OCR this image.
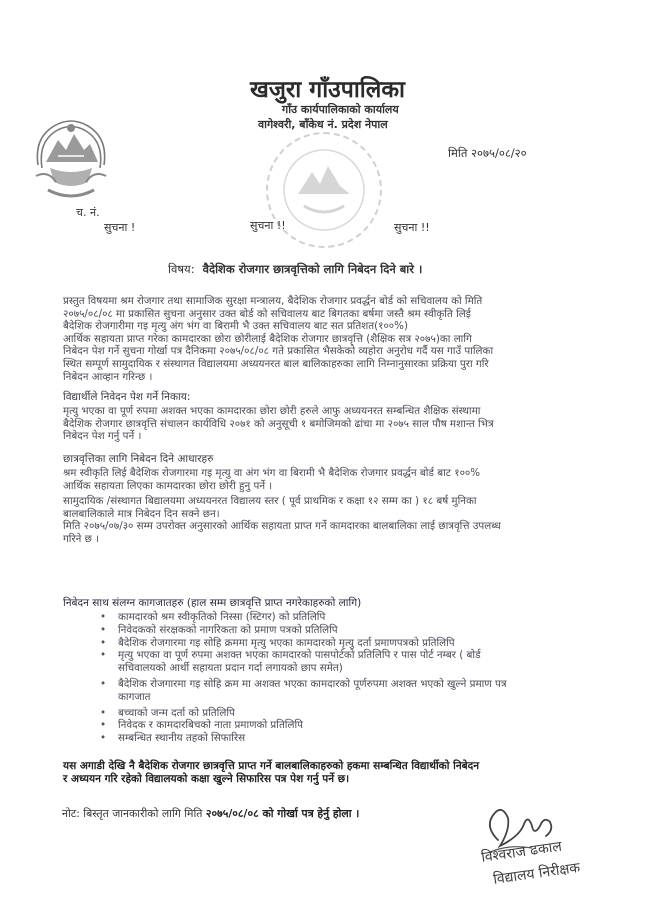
खजुरा गाँउपालिका
गाँउ कार्यपालिकाको कार्यालय
वागेश्वरी, बाँकेध नं. प्रदेश नेपाल
मिति २०७५/०८/२०
च. नं.
सुचना !	सुचना !!	सुचना !!
विषय: वैदेशिक रोजगार छात्रवृत्तिको लागि निबेदन दिने बारे ।
प्रस्तुत विषयमा श्रम रोजगार तथा सामाजिक सुरक्षा मन्त्रालय, बैदेशिक रोजगार प्रवर्द्धन बोर्ड को सचिवालय को मिति
२०७५/०८/०८ मा प्रकासित सुचना अनुसार उक्त बोर्ड को सचिवालय बाट बिगतका बर्षमा जस्तै श्रम स्वीकृति लिई
बैदेशिक रोजगारीमा गइ मृत्यु अंग भंग वा बिरामी भै उक्त सचिवालय बाट सत प्रतिशत(१००%)
आर्थिक सहायता प्राप्त गरेका कामदारका छोरा छोरीलाई बैदेशिक रोजगार छात्रवृत्ति (शैक्षिक सत्र २०७५)का लागि
निबेदन पेश गर्ने सुचना गोर्खा पत्र दैनिकमा २०७५/०८/०८ गते प्रकासित भैसकेको व्यहोरा अनुरोध गर्दै यस गाउँ पालिका
स्थित सम्पूर्ण सामुदायिक र संस्थागत विद्यालयमा अध्ययनरत बाल बालिकाहरुका लागि निम्नानुसारका प्रक्रिया पुरा गरि
निबेदन आव्हान गरिन्छ ।
विद्यार्थीले निवेदन पेश गर्ने निकाय:
मृत्यु भएका वा पूर्ण रुपमा अशक्त भएका कामदारका छोरा छोरी हरुले आफु अध्ययनरत सम्बन्धित शैक्षिक संस्थामा
बैदेशिक रोजगार छात्रवृत्ति संचालन कार्यविधि २०७१ को अनुसूची १ बमोजिमको ढांचा मा २०७५ साल पौष मशान्त भित्र
निबेदन पेश गर्नु पर्ने ।
छात्रवृत्तिका लागि निबेदन दिने आधारहरु
श्रम स्वीकृति लिई बैदेशिक रोजगारमा गइ मृत्यु वा अंग भंग वा बिरामी भै बैदेशिक रोजगार प्रवर्द्धन बोर्ड बाट १००%
आर्थिक सहायता लिएका कामदारका छोरा छोरी हुनु पर्ने ।
सामुदायिक /संस्थागत बिद्यालयमा अध्ययनरत विद्यालय स्तर ( पूर्व प्राथमिक र कक्षा १२ सम्म का ) १८ बर्ष मुनिका
बालबालिकाले मात्र निबेदन दिन सक्ने छन।
मिति २०७५/०७/३० सम्म उपरोक्त अनुसारको आर्थिक सहायता प्राप्त गर्ने कामदारका बालबालिका लाई छात्रवृत्ति उपलब्ध
गरिने छ ।
निबेदन साथ संलग्न कागजातहरु (हाल सम्म छात्रवृत्ति प्राप्त नगरेकाहरुको लागि)
• कामदारको श्रम स्वीकृतिको निस्सा (स्टिगर) को प्रतिलिपि
• निवेदकको संरक्षकको नागरिकता को प्रमाण पत्रको प्रतिलिपि
• बैदेशिक रोजगारमा गइ सोहि क्रममा मृत्यु भएका कामदारको मृत्यु दर्ता प्रमाणपत्रको प्रतिलिपि
• मृत्यु भएका वा पूर्ण रुपमा अशक्त भएका कामदारको पासपोर्टको प्रतिलिपि र पास पोर्ट नम्बर ( बोर्ड
सचिवालयको आर्थी सहायता प्रदान गर्दा लगायको छाप समेत)
• बैदेशिक रोजगारमा गइ सोहि क्रम मा अशक्त भएका कामदारको पूर्णरुपमा अशक्त भएको खुल्ने प्रमाण पत्र
कागजात
• बच्चाको जन्म दर्ता को प्रतिलिपि
• निवेदक र कामदारबिचको नाता प्रमाणको प्रतिलिपि
• सम्बन्धित स्थानीय तहको सिफारिस
यस अगाडी देखि नै बैदेशिक रोजगार छात्रवृत्ति प्राप्त गर्ने बालबालिकाहरुको हकमा सम्बन्धित विद्यार्थीको निबेदन
र अध्ययन गरि रहेको विद्यालयको कक्षा खुल्ने सिफारिस पत्र पेश गर्नु पर्ने छ।
नोट: बिस्तृत जानकारीको लागि मिति २०७५/०८/०८ को गोर्खा पत्र हेर्नु होला ।
विश्वराज ढकाल
विद्यालय निरीक्षक
